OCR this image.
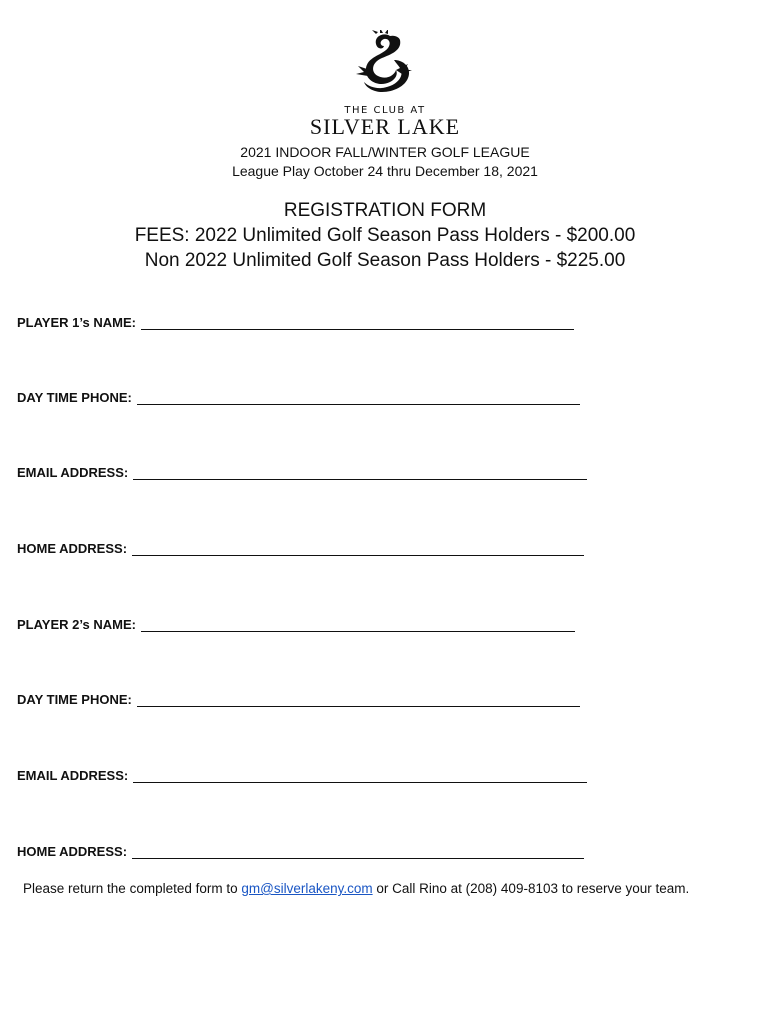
THE CLUB AT
SILVER LAKE
2021 INDOOR FALL/WINTER GOLF LEAGUE
League Play October 24 thru December 18, 2021
REGISTRATION FORM
FEES: 2022 Unlimited Golf Season Pass Holders - $200.00
Non 2022 Unlimited Golf Season Pass Holders - $225.00
PLAYER 1’s NAME:
DAY TIME PHONE:
EMAIL ADDRESS:
HOME ADDRESS:
PLAYER 2’s NAME:
DAY TIME PHONE:
EMAIL ADDRESS:
HOME ADDRESS:
Please return the completed form to gm@silverlakeny.com or Call Rino at (208) 409-8103 to reserve your team.
